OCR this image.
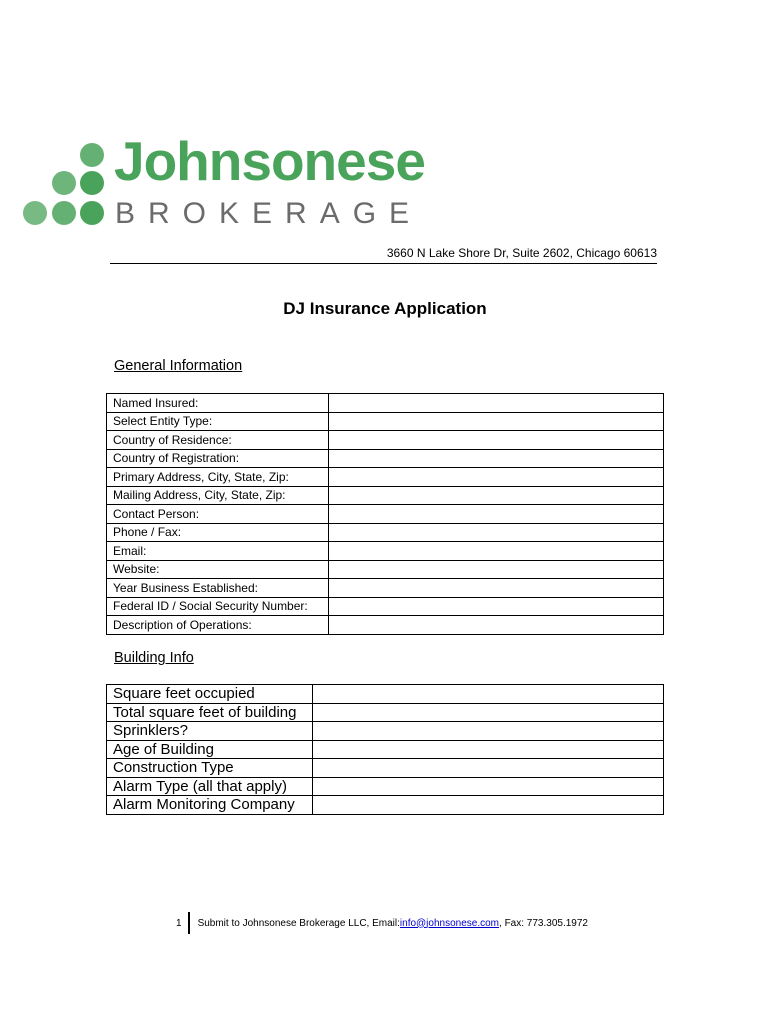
Johnsonese
BROKERAGE
3660 N Lake Shore Dr, Suite 2602, Chicago 60613
DJ Insurance Application
General Information
Named Insured:	
Select Entity Type:	
Country of Residence:	
Country of Registration:	
Primary Address, City, State, Zip:	
Mailing Address, City, State, Zip:	
Contact Person:	
Phone / Fax:	
Email:	
Website:	
Year Business Established:	
Federal ID / Social Security Number:	
Description of Operations:	
Building Info
Square feet occupied	
Total square feet of building	
Sprinklers?	
Age of Building	
Construction Type	
Alarm Type (all that apply)	
Alarm Monitoring Company	
1 Submit to Johnsonese Brokerage LLC, Email: info@johnsonese.com , Fax: 773.305.1972
